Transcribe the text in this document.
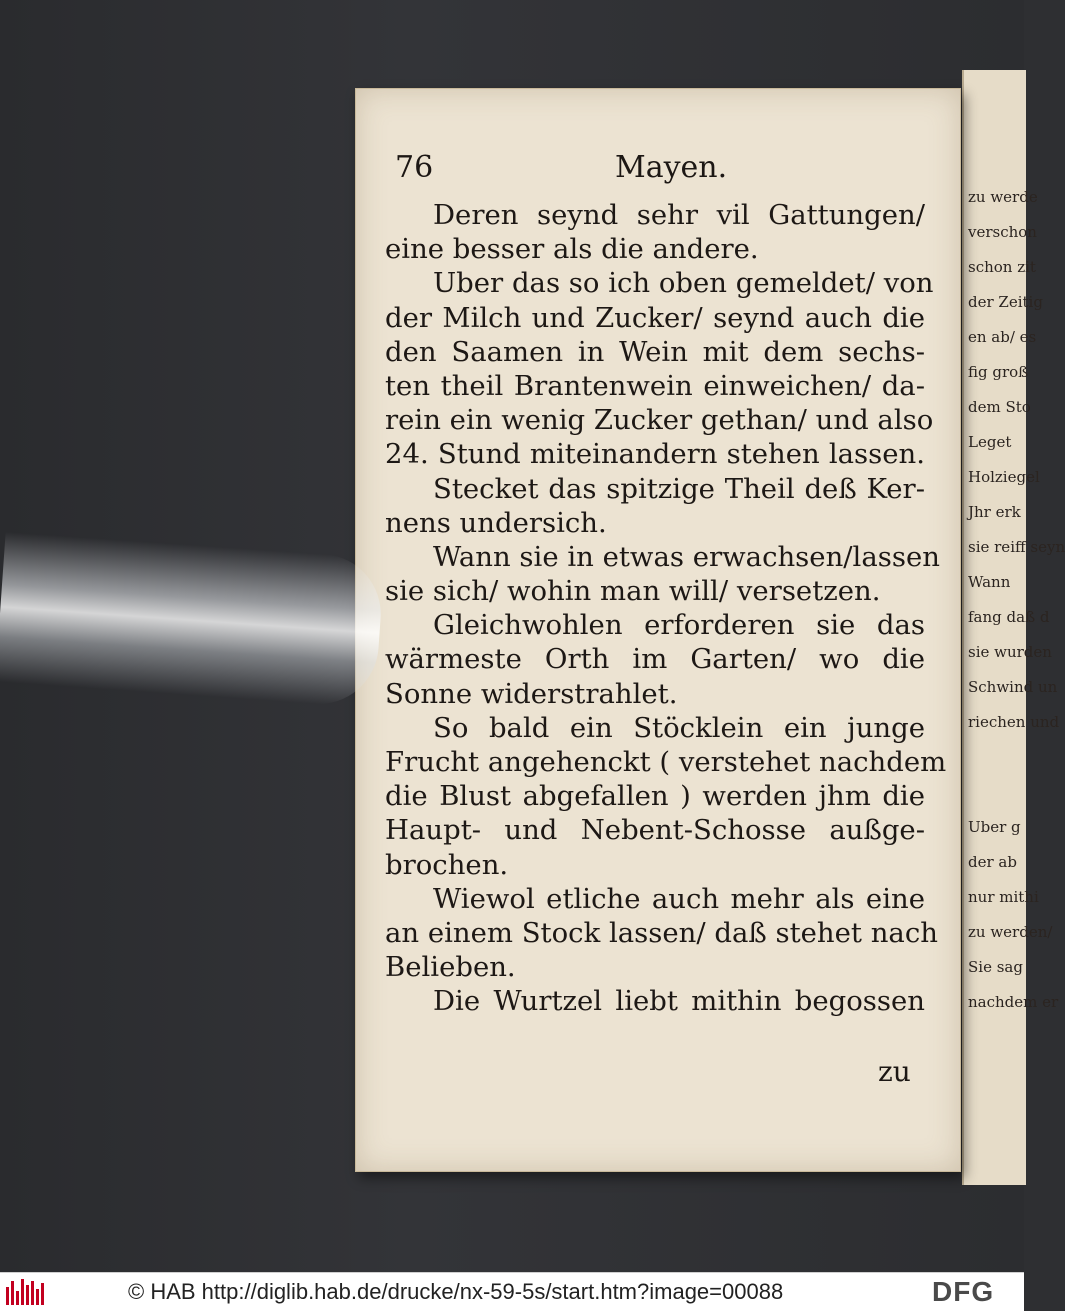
zu werde
verschon
schon zit
der Zeitig
en ab/ es
fig groß
dem Sto
Leget
Holziegel
Jhr erk
sie reiff seyn
Wann
fang daß d
sie wurden
Schwind un
riechen und

Uber g
der ab
nur mithi
zu werden/
Sie sag
nachdem er
76	Mayen.
Deren seynd sehr vil Gattungen/
eine besser als die andere.
Uber das so ich oben gemeldet/ von
der Milch und Zucker/ seynd auch die
den Saamen in Wein mit dem sechs-
ten theil Brantenwein einweichen/ da-
rein ein wenig Zucker gethan/ und also
24. Stund miteinandern stehen lassen.
Stecket das spitzige Theil deß Ker-
nens undersich.
Wann sie in etwas erwachsen/lassen
sie sich/ wohin man will/ versetzen.
Gleichwohlen erforderen sie das
wärmeste Orth im Garten/ wo die
Sonne widerstrahlet.
So bald ein Stöcklein ein junge
Frucht angehenckt ( verstehet nachdem
die Blust abgefallen ) werden jhm die
Haupt- und Nebent-Schosse außge-
brochen.
Wiewol etliche auch mehr als eine
an einem Stock lassen/ daß stehet nach
Belieben.
Die Wurtzel liebt mithin begossen
zu
© HAB http://diglib.hab.de/drucke/nx-59-5s/start.htm?image=00088	DFG
